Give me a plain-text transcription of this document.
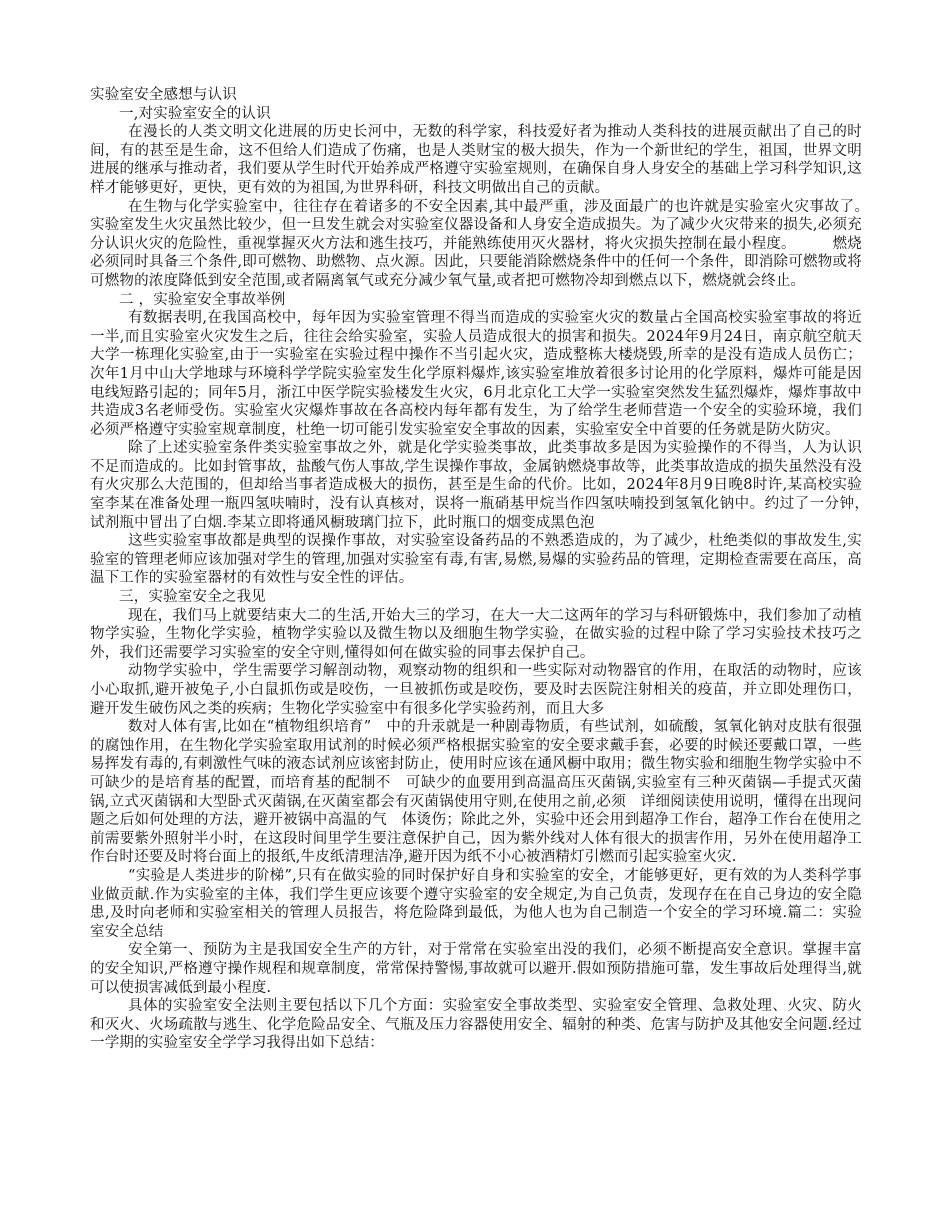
实验室安全感想与认识

一,对实验室安全的认识

在漫长的人类文明文化进展的历史长河中，无数的科学家，科技爱好者为推动人类科技的进展贡献出了自己的时间，有的甚至是生命，这不但给人们造成了伤痛，也是人类财宝的极大损失，作为一个新世纪的学生，祖国，世界文明进展的继承与推动者，我们要从学生时代开始养成严格遵守实验室规则，在确保自身人身安全的基础上学习科学知识,这样才能够更好，更快，更有效的为祖国,为世界科研，科技文明做出自己的贡献。

在生物与化学实验室中，往往存在着诸多的不安全因素,其中最严重，涉及面最广的也许就是实验室火灾事故了。　　　实验室发生火灾虽然比较少，但一旦发生就会对实验室仪器设备和人身安全造成损失。为了减少火灾带来的损失,必须充分认识火灾的危险性，重视掌握灭火方法和逃生技巧，并能熟练使用灭火器材，将火灾损失控制在最小程度。　　　燃烧必须同时具备三个条件,即可燃物、助燃物、点火源。因此，只要能消除燃烧条件中的任何一个条件，即消除可燃物或将可燃物的浓度降低到安全范围,或者隔离氧气或充分减少氧气量,或者把可燃物冷却到燃点以下，燃烧就会终止。

二 ，实验室安全事故举例

有数据表明,在我国高校中，每年因为实验室管理不得当而造成的实验室火灾的数量占全国高校实验室事故的将近一半,而且实验室火灾发生之后，往往会给实验室，实验人员造成很大的损害和损失。2024年9月24日，南京航空航天大学一栋理化实验室,由于一实验室在实验过程中操作不当引起火灾，造成整栋大楼烧毁,所幸的是没有造成人员伤亡；次年1月中山大学地球与环境科学学院实验室发生化学原料爆炸,该实验室堆放着很多讨论用的化学原料，爆炸可能是因电线短路引起的；同年5月，浙江中医学院实验楼发生火灾，6月北京化工大学一实验室突然发生猛烈爆炸，爆炸事故中共造成3名老师受伤。实验室火灾爆炸事故在各高校内每年都有发生，为了给学生老师营造一个安全的实验环境，我们必须严格遵守实验室规章制度，杜绝一切可能引发实验室安全事故的因素，实验室安全中首要的任务就是防火防灾。

除了上述实验室条件类实验室事故之外，就是化学实验类事故，此类事故多是因为实验操作的不得当，人为认识不足而造成的。比如封管事故，盐酸气伤人事故,学生误操作事故，金属钠燃烧事故等，此类事故造成的损失虽然没有没有火灾那么大范围的，但却给当事者造成极大的损伤，甚至是生命的代价。比如，2024年8月9日晚8时许,某高校实验室李某在准备处理一瓶四氢呋喃时，没有认真核对，误将一瓶硝基甲烷当作四氢呋喃投到氢氧化钠中。约过了一分钟，　试剂瓶中冒出了白烟.李某立即将通风橱玻璃门拉下，此时瓶口的烟变成黑色泡

这些实验室事故都是典型的误操作事故，对实验室设备药品的不熟悉造成的，为了减少，杜绝类似的事故发生,实验室的管理老师应该加强对学生的管理,加强对实验室有毒,有害,易燃,易爆的实验药品的管理，定期检查需要在高压，高温下工作的实验室器材的有效性与安全性的评估。

三，实验室安全之我见

现在，我们马上就要结束大二的生活,开始大三的学习，在大一大二这两年的学习与科研锻炼中，我们参加了动植物学实验，生物化学实验，植物学实验以及微生物以及细胞生物学实验，在做实验的过程中除了学习实验技术技巧之外，我们还需要学习实验室的安全守则,懂得如何在做实验的同事去保护自己。

动物学实验中，学生需要学习解剖动物，观察动物的组织和一些实际对动物器官的作用，在取活的动物时，应该小心取抓,避开被兔子,小白鼠抓伤或是咬伤，一旦被抓伤或是咬伤，要及时去医院注射相关的疫苗，并立即处理伤口，避开发生破伤风之类的疾病；生物化学实验室中有很多化学实验药剂，而且大多

数对人体有害,比如在“植物组织培育”　中的升汞就是一种剧毒物质，有些试剂，如硫酸，氢氧化钠对皮肤有很强的腐蚀作用，在生物化学实验室取用试剂的时候必须严格根据实验室的安全要求戴手套，必要的时候还要戴口罩，一些易挥发有毒的,有刺激性气味的液态试剂应该密封防止，使用时应该在通风橱中取用；微生物实验和细胞生物学实验中不可缺少的是培育基的配置，而培育基的配制不　可缺少的血要用到高温高压灭菌锅,实验室有三种灭菌锅—手提式灭菌锅,立式灭菌锅和大型卧式灭菌锅,在灭菌室都会有灭菌锅使用守则,在使用之前,必须　详细阅读使用说明，懂得在出现问题之后如何处理的方法，避开被锅中高温的气　体烫伤；除此之外，实验中还会用到超净工作台，超净工作台在使用之前需要紫外照射半小时，在这段时间里学生要注意保护自己，因为紫外线对人体有很大的损害作用，另外在使用超净工作台时还要及时将台面上的报纸,牛皮纸清理洁净,避开因为纸不小心被酒精灯引燃而引起实验室火灾.

“实验是人类进步的阶梯”,只有在做实验的同时保护好自身和实验室的安全，才能够更好，更有效的为人类科学事业做贡献.作为实验室的主体，我们学生更应该要个遵守实验室的安全规定,为自己负责，发现存在在自己身边的安全隐患,及时向老师和实验室相关的管理人员报告，将危险降到最低，为他人也为自己制造一个安全的学习环境.篇二：实验室安全总结

安全第一、预防为主是我国安全生产的方针，对于常常在实验室出没的我们，必须不断提高安全意识。掌握丰富的安全知识,严格遵守操作规程和规章制度，常常保持警惕,事故就可以避开.假如预防措施可靠，发生事故后处理得当,就可以使损害减低到最小程度.

具体的实验室安全法则主要包括以下几个方面：实验室安全事故类型、实验室安全管理、急救处理、火灾、防火和灭火、火场疏散与逃生、化学危险品安全、气瓶及压力容器使用安全、辐射的种类、危害与防护及其他安全问题.经过一学期的实验室安全学学习我得出如下总结：
